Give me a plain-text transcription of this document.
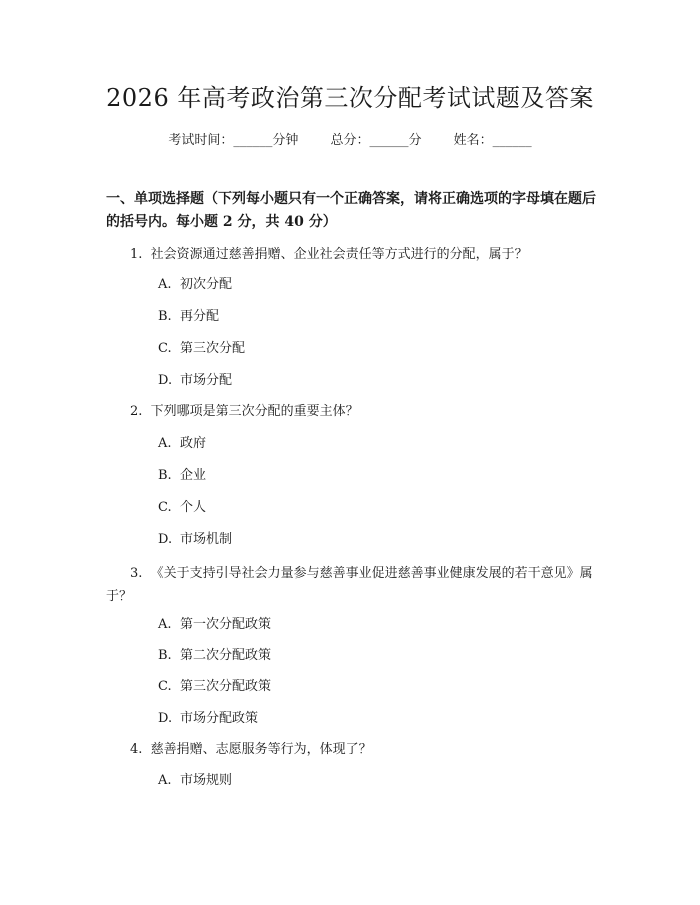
2026 年高考政治第三次分配考试试题及答案
考试时间：______分钟 总分：______分 姓名：______
一、单项选择题（下列每小题只有一个正确答案，请将正确选项的字母填在题后的括号内。每小题 2 分，共 40 分）
1. 社会资源通过慈善捐赠、企业社会责任等方式进行的分配，属于？
A. 初次分配
B. 再分配
C. 第三次分配
D. 市场分配
2. 下列哪项是第三次分配的重要主体？
A. 政府
B. 企业
C. 个人
D. 市场机制
3. 《关于支持引导社会力量参与慈善事业促进慈善事业健康发展的若干意见》属于？
A. 第一次分配政策
B. 第二次分配政策
C. 第三次分配政策
D. 市场分配政策
4. 慈善捐赠、志愿服务等行为，体现了？
A. 市场规则
